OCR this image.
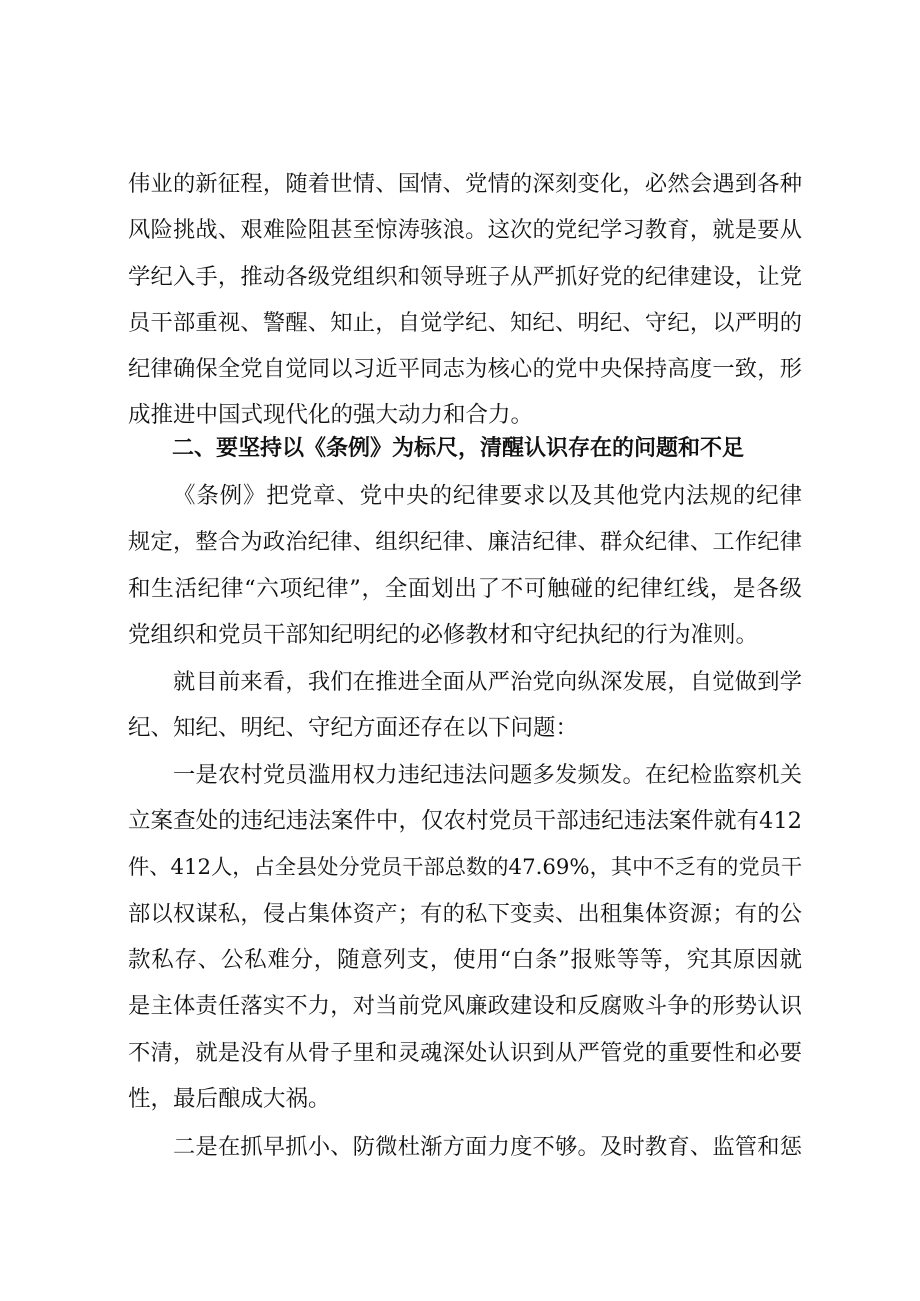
伟业的新征程，随着世情、国情、党情的深刻变化，必然会遇到各种
风险挑战、艰难险阻甚至惊涛骇浪。这次的党纪学习教育，就是要从
学纪入手，推动各级党组织和领导班子从严抓好党的纪律建设，让党
员干部重视、警醒、知止，自觉学纪、知纪、明纪、守纪，以严明的
纪律确保全党自觉同以习近平同志为核心的党中央保持高度一致，形
成推进中国式现代化的强大动力和合力。
二、要坚持以《条例》为标尺，清醒认识存在的问题和不足
《条例》把党章、党中央的纪律要求以及其他党内法规的纪律
规定，整合为政治纪律、组织纪律、廉洁纪律、群众纪律、工作纪律
和生活纪律“六项纪律”，全面划出了不可触碰的纪律红线，是各级
党组织和党员干部知纪明纪的必修教材和守纪执纪的行为准则。
就目前来看，我们在推进全面从严治党向纵深发展，自觉做到学
纪、知纪、明纪、守纪方面还存在以下问题：
一是农村党员滥用权力违纪违法问题多发频发。在纪检监察机关
立案查处的违纪违法案件中，仅农村党员干部违纪违法案件就有412
件、412人，占全县处分党员干部总数的47.69%，其中不乏有的党员干
部以权谋私，侵占集体资产；有的私下变卖、出租集体资源；有的公
款私存、公私难分，随意列支，使用“白条”报账等等，究其原因就
是主体责任落实不力，对当前党风廉政建设和反腐败斗争的形势认识
不清，就是没有从骨子里和灵魂深处认识到从严管党的重要性和必要
性，最后酿成大祸。
二是在抓早抓小、防微杜渐方面力度不够。及时教育、监管和惩
